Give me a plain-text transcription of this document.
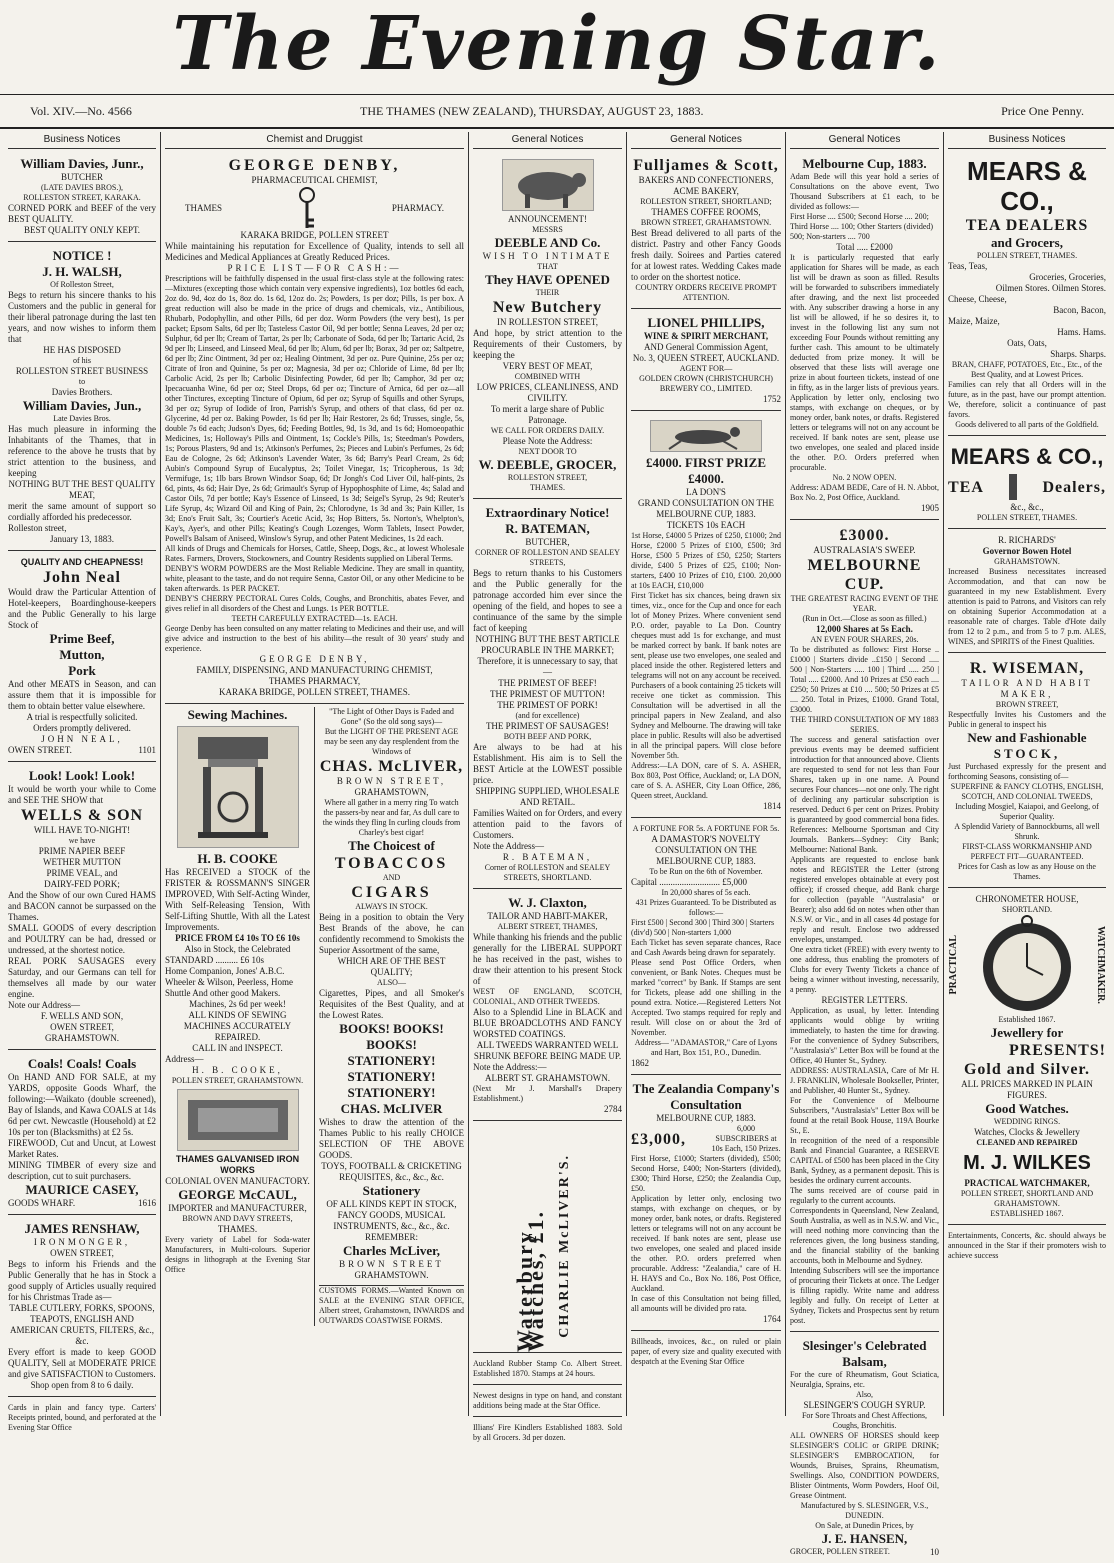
The Evening Star.
Vol. XIV.—No. 4566	THE THAMES (NEW ZEALAND), THURSDAY, AUGUST 23, 1883.	Price One Penny.
Business Notices
William Davies, Junr.,
BUTCHER
(LATE DAVIES BROS.),
ROLLESTON STREET, KARAKA.
CORNED PORK and BEEF of the very BEST QUALITY.
BEST QUALITY ONLY KEPT.
NOTICE !
J. H. WALSH,
Of Rolleston Street,
Begs to return his sincere thanks to his Customers and the public in general for their liberal patronage during the last ten years, and now wishes to inform them that
HE HAS DISPOSED
of his
ROLLESTON STREET BUSINESS
to
Davies Brothers.
William Davies, Jun.,
Late Davies Bros.
Has much pleasure in informing the Inhabitants of the Thames, that in reference to the above he trusts that by strict attention to the business, and keeping
NOTHING BUT THE BEST QUALITY MEAT,
merit the same amount of support so cordially afforded his predecessor.
Rolleston street,
January 13, 1883.
QUALITY AND CHEAPNESS!
John Neal
Would draw the Particular Attention of Hotel-keepers, Boardinghouse-keepers and the Public Generally to his large Stock of
Prime Beef,
Mutton,
Pork
And other MEATS in Season, and can assure them that it is impossible for them to obtain better value elsewhere.
A trial is respectfully solicited.
Orders promptly delivered.
JOHN NEAL,
OWEN STREET.	1101
Look! Look! Look!
It would be worth your while to Come and SEE THE SHOW that
WELLS & SON
WILL HAVE TO-NIGHT!
we have
PRIME NAPIER BEEF
WETHER MUTTON
PRIME VEAL, and
DAIRY-FED PORK;
And the Show of our own Cured HAMS and BACON cannot be surpassed on the Thames.
SMALL GOODS of every description and POULTRY can be had, dressed or undressed, at the shortest notice.
REAL PORK SAUSAGES every Saturday, and our Germans can tell for themselves all made by our water engine.
Note our Address—
F. WELLS AND SON,
OWEN STREET,
GRAHAMSTOWN.
Coals! Coals! Coals
On HAND AND FOR SALE, at my YARDS, opposite Goods Wharf, the following:—Waikato (double screened), Bay of Islands, and Kawa COALS at 14s 6d per cwt. Newcastle (Household) at £2 10s per ton (Blacksmiths) at £2 5s.
FIREWOOD, Cut and Uncut, at Lowest Market Rates.
MINING TIMBER of every size and description, cut to suit purchasers.
MAURICE CASEY,
GOODS WHARF.	1616
JAMES RENSHAW,
IRONMONGER,
OWEN STREET,
Begs to inform his Friends and the Public Generally that he has in Stock a good supply of Articles usually required for his Christmas Trade as—
TABLE CUTLERY, FORKS, SPOONS, TEAPOTS, ENGLISH AND AMERICAN CRUETS, FILTERS, &c., &c.
Every effort is made to keep GOOD QUALITY, Sell at MODERATE PRICE and give SATISFACTION to Customers.
Shop open from 8 to 6 daily.
Cards in plain and fancy type. Carters' Receipts printed, bound, and perforated at the Evening Star Office
Chemist and Druggist
GEORGE DENBY,
PHARMACEUTICAL CHEMIST,
THAMES	PHARMACY.
KARAKA BRIDGE, POLLEN STREET
While maintaining his reputation for Excellence of Quality, intends to sell all Medicines and Medical Appliances at Greatly Reduced Prices.
PRICE LIST—FOR CASH:—
Prescriptions will be faithfully dispensed in the usual first-class style at the following rates:—Mixtures (excepting those which contain very expensive ingredients), 1oz bottles 6d each, 2oz do. 9d, 4oz do 1s, 8oz do. 1s 6d, 12oz do. 2s; Powders, 1s per doz; Pills, 1s per box. A great reduction will also be made in the price of drugs and chemicals, viz., Antibilious, Rhubarb, Podophyllin, and other Pills, 6d per doz. Worm Powders (the very best), 1s per packet; Epsom Salts, 6d per lb; Tasteless Castor Oil, 9d per bottle; Senna Leaves, 2d per oz; Sulphur, 6d per lb; Cream of Tartar, 2s per lb; Carbonate of Soda, 6d per lb; Tartaric Acid, 2s 9d per lb; Linseed, and Linseed Meal, 6d per lb; Alum, 6d per lb; Borax, 3d per oz; Saltpetre, 6d per lb; Zinc Ointment, 3d per oz; Healing Ointment, 3d per oz. Pure Quinine, 25s per oz; Citrate of Iron and Quinine, 5s per oz; Magnesia, 3d per oz; Chloride of Lime, 8d per lb; Carbolic Acid, 2s per lb; Carbolic Disinfecting Powder, 6d per lb; Camphor, 3d per oz; Ipecacuanha Wine, 6d per oz; Steel Drops, 6d per oz; Tincture of Arnica, 6d per oz—all other Tinctures, excepting Tincture of Opium, 6d per oz; Syrup of Squills and other Syrups, 3d per oz; Syrup of Iodide of Iron, Parrish's Syrup, and others of that class, 6d per oz. Glycerine, 4d per oz. Baking Powder, 1s 6d per lb; Hair Restorer, 2s 6d; Trusses, single, 5s, double 7s 6d each; Judson's Dyes, 6d; Feeding Bottles, 9d, 1s 3d, and 1s 6d; Homoeopathic Medicines, 1s; Holloway's Pills and Ointment, 1s; Cockle's Pills, 1s; Steedman's Powders, 1s; Porous Plasters, 9d and 1s; Atkinson's Perfumes, 2s; Pieces and Lubin's Perfumes, 2s 6d; Eau de Cologne, 2s 6d; Atkinson's Lavender Water, 3s 6d; Barry's Pearl Cream, 2s 6d; Aubin's Compound Syrup of Eucalyptus, 2s; Toilet Vinegar, 1s; Tricopherous, 1s 3d; Vermifuge, 1s; 1lb bars Brown Windsor Soap, 6d; Dr Jongh's Cod Liver Oil, half-pints, 2s 6d, pints, 4s 6d; Hair Dye, 2s 6d; Grimault's Syrup of Hypophosphite of Lime, 4s; Salad and Castor Oils, 7d per bottle; Kay's Essence of Linseed, 1s 3d; Seigel's Syrup, 2s 9d; Reuter's Life Syrup, 4s; Wizard Oil and King of Pain, 2s; Chlorodyne, 1s 3d and 3s; Pain Killer, 1s 3d; Eno's Fruit Salt, 3s; Courtier's Acetic Acid, 3s; Hop Bitters, 5s. Norton's, Whelpton's, Kay's, Ayer's, and other Pills; Keating's Cough Lozenges, Worm Tablets, Insect Powder, Powell's Balsam of Aniseed, Winslow's Syrup, and other Patent Medicines, 1s 2d each.
All kinds of Drugs and Chemicals for Horses, Cattle, Sheep, Dogs, &c., at lowest Wholesale Rates. Farmers, Drovers, Stockowners, and Country Residents supplied on Liberal Terms.
DENBY'S WORM POWDERS are the Most Reliable Medicine. They are small in quantity, white, pleasant to the taste, and do not require Senna, Castor Oil, or any other Medicine to be taken afterwards. 1s PER PACKET.
DENBY'S CHERRY PECTORAL Cures Colds, Coughs, and Bronchitis, abates Fever, and gives relief in all disorders of the Chest and Lungs. 1s PER BOTTLE.
TEETH CAREFULLY EXTRACTED—1s. EACH.
George Denby has been consulted on any matter relating to Medicines and their use, and will give advice and instruction to the best of his ability—the result of 30 years' study and experience.
GEORGE DENBY,
FAMILY, DISPENSING, AND MANUFACTURING CHEMIST,
THAMES PHARMACY,
KARAKA BRIDGE, POLLEN STREET, THAMES.
Sewing Machines.
H. B. COOKE
Has RECEIVED a STOCK of the FRISTER & ROSSMANN'S SINGER IMPROVED, With Self-Acting Winder, With Self-Releasing Tension, With Self-Lifting Shuttle, With all the Latest Improvements.
PRICE FROM £4 10s TO £6 10s
Also in Stock, the Celebrated
STANDARD .......... £6 10s
Home Companion, Jones' A.B.C. Wheeler & Wilson, Peerless, Home Shuttle And other good Makers.
Machines, 2s 6d per week!
ALL KINDS OF SEWING MACHINES ACCURATELY REPAIRED.
CALL IN and INSPECT.
Address—
H. B. COOKE,
POLLEN STREET, GRAHAMSTOWN.
THAMES GALVANISED IRON WORKS
COLONIAL OVEN MANUFACTORY.
GEORGE McCAUL,
IMPORTER and MANUFACTURER,
BROWN AND DAVY STREETS,
THAMES.
Every variety of Label for Soda-water Manufacturers, in Multi-colours. Superior designs in lithograph at the Evening Star Office
"The Light of Other Days is Faded and Gone" (So the old song says)—
But the LIGHT OF THE PRESENT AGE may be seen any day resplendent from the Windows of
CHAS. McLIVER,
BROWN STREET,
GRAHAMSTOWN,
Where all gather in a merry ring To watch the passers-by near and far, As dull care to the winds they fling In curling clouds from Charley's best cigar!
The Choicest of
TOBACCOS
AND
CIGARS
ALWAYS IN STOCK.
Being in a position to obtain the Very Best Brands of the above, he can confidently recommend to Smokists the Superior Assortment of the same,
WHICH ARE OF THE BEST QUALITY;
ALSO—
Cigarettes, Pipes, and all Smoker's Requisites of the Best Quality, and at the Lowest Rates.
BOOKS! BOOKS! BOOKS!
STATIONERY! STATIONERY! STATIONERY!
CHAS. McLIVER
Wishes to draw the attention of the Thames Public to his really CHOICE SELECTION OF THE ABOVE GOODS.
TOYS, FOOTBALL & CRICKETING REQUISITES, &c., &c., &c.
Stationery
OF ALL KINDS KEPT IN STOCK,
FANCY GOODS, MUSICAL INSTRUMENTS, &c., &c., &c.
REMEMBER:
Charles McLiver,
BROWN STREET
GRAHAMSTOWN.
CUSTOMS FORMS.—Wanted Known on SALE at the EVENING STAR OFFICE, Albert street, Grahamstown, INWARDS and OUTWARDS COASTWISE FORMS.
General Notices
ANNOUNCEMENT!
MESSRS
DEEBLE AND Co.
WISH TO INTIMATE
THAT
They HAVE OPENED
THEIR
New Butchery
IN ROLLESTON STREET,
And hope, by strict attention to the Requirements of their Customers, by keeping the
VERY BEST OF MEAT,
COMBINED WITH
LOW PRICES, CLEANLINESS, AND CIVILITY.
To merit a large share of Public Patronage.
WE CALL FOR ORDERS DAILY.
Please Note the Address:
NEXT DOOR TO
W. DEEBLE, GROCER,
ROLLESTON STREET,
THAMES.
Extraordinary Notice!
R. BATEMAN,
BUTCHER,
CORNER OF ROLLESTON AND SEALEY STREETS,
Begs to return thanks to his Customers and the Public generally for the patronage accorded him ever since the opening of the field, and hopes to see a continuance of the same by the simple fact of keeping
NOTHING BUT THE BEST ARTICLE PROCURABLE IN THE MARKET;
Therefore, it is unnecessary to say, that—
THE PRIMEST OF BEEF!
THE PRIMEST OF MUTTON!
THE PRIMEST OF PORK!
(and for excellence)
THE PRIMEST OF SAUSAGES!
BOTH BEEF AND PORK,
Are always to be had at his Establishment. His aim is to Sell the BEST Article at the LOWEST possible price.
SHIPPING SUPPLIED, WHOLESALE AND RETAIL.
Families Waited on for Orders, and every attention paid to the favors of Customers.
Note the Address—
R. BATEMAN,
Corner of ROLLESTON and SEALEY STREETS, SHORTLAND.
W. J. Claxton,
TAILOR AND HABIT-MAKER,
ALBERT STREET, THAMES,
While thanking his friends and the public generally for the LIBERAL SUPPORT he has received in the past, wishes to draw their attention to his present Stock of
WEST OF ENGLAND, SCOTCH, COLONIAL, AND OTHER TWEEDS.
Also to a Splendid Line in BLACK and BLUE BROADCLOTHS AND FANCY WORSTED COATINGS.
ALL TWEEDS WARRANTED WELL SHRUNK BEFORE BEING MADE UP.
Note the Address:—
ALBERT ST. GRAHAMSTOWN.
(Next Mr J. Marshall's Drapery Establishment.)
2784
Waterbury Watches, £1. CHARLIE McLIVER'S.
Auckland Rubber Stamp Co. Albert Street. Established 1870. Stamps at 24 hours.
Newest designs in type on hand, and constant additions being made at the Star Office.
Illians' Fire Kindlers Established 1883. Sold by all Grocers. 3d per dozen.
General Notices
Fulljames & Scott,
BAKERS AND CONFECTIONERS,
ACME BAKERY,
ROLLESTON STREET, SHORTLAND;
THAMES COFFEE ROOMS,
BROWN STREET, GRAHAMSTOWN.
Best Bread delivered to all parts of the district. Pastry and other Fancy Goods fresh daily. Soirees and Parties catered for at lowest rates. Wedding Cakes made to order on the shortest notice.
COUNTRY ORDERS RECEIVE PROMPT ATTENTION.
LIONEL PHILLIPS,
WINE & SPIRIT MERCHANT,
AND General Commission Agent,
No. 3, QUEEN STREET, AUCKLAND.
AGENT FOR—
GOLDEN CROWN (CHRISTCHURCH) BREWERY CO., LIMITED.
1752
£4000. FIRST PRIZE £4000.
LA DON'S
GRAND CONSULTATION ON THE MELBOURNE CUP, 1883.
TICKETS 10s EACH
1st Horse, £4000 5 Prizes of £250, £1000; 2nd Horse, £2000 5 Prizes of £100, £500; 3rd Horse, £500 5 Prizes of £50, £250; Starters divide, £400 5 Prizes of £25, £100; Non-starters, £400 10 Prizes of £10, £100. 20,000 at 10s EACH, £10,000
First Ticket has six chances, being drawn six times, viz., once for the Cup and once for each lot of Money Prizes. Where convenient send P.O. order, payable to La Don. Country cheques must add 1s for exchange, and must be marked correct by bank. If bank notes are sent, please use two envelopes, one sealed and placed inside the other. Registered letters and telegrams will not on any account be received. Purchasers of a book containing 25 tickets will receive one ticket as commission. This Consultation will be advertised in all the principal papers in New Zealand, and also Sydney and Melbourne. The drawing will take place in public. Results will also be advertised in all the principal papers. Will close before November 5th.
Address:—LA DON, care of S. A. ASHER, Box 803, Post Office, Auckland; or, LA DON, care of S. A. ASHER, City Loan Office, 286, Queen street, Auckland.
1814
A FORTUNE FOR 5s. A FORTUNE FOR 5s.
A DAMASTOR'S NOVELTY CONSULTATION ON THE MELBOURNE CUP, 1883.
To be Run on the 6th of November.
Capital ........................... £5,000
In 20,000 shares of 5s each.
431 Prizes Guaranteed. To be Distributed as follows:—
First £500 | Second 300 | Third 300 | Starters (div'd) 500 | Non-starters 1,000
Each Ticket has seven separate chances, Race and Cash Awards being drawn for separately.
Please send Post Office Orders, when convenient, or Bank Notes. Cheques must be marked "correct" by Bank. If Stamps are sent for Tickets, please add one shilling in the pound extra. Notice.—Registered Letters Not Accepted. Two stamps required for reply and result. Will close on or about the 3rd of November.
Address— "ADAMASTOR," Care of Lyons and Hart, Box 151, P.O., Dunedin.
1862
The Zealandia Company's Consultation
MELBOURNE CUP, 1883.
£3,000,
6,000 SUBSCRIBERS at 10s Each, 150 Prizes.
First Horse, £1000; Starters (divided), £500; Second Horse, £400; Non-Starters (divided), £300; Third Horse, £250; the Zealandia Cup, £50.
Application by letter only, enclosing two stamps, with exchange on cheques, or by money order, bank notes, or drafts. Registered letters or telegrams will not on any account be received. If bank notes are sent, please use two envelopes, one sealed and placed inside the other. P.O. orders preferred when procurable. Address: "Zealandia," care of H. H. HAYS and Co., Box No. 186, Post Office, Auckland.
In case of this Consultation not being filled, all amounts will be divided pro rata.
1764
Billheads, invoices, &c., on ruled or plain paper, of every size and quality executed with despatch at the Evening Star Office
General Notices
Melbourne Cup, 1883.
Adam Bede will this year hold a series of Consultations on the above event, Two Thousand Subscribers at £1 each, to be divided as follows:—
First Horse .... £500; Second Horse .... 200; Third Horse .... 100; Other Starters (divided) 500; Non-starters .... 700
Total ..... £2000
It is particularly requested that early application for Shares will be made, as each list will be drawn as soon as filled. Results will be forwarded to subscribers immediately after drawing, and the next list proceeded with. Any subscriber drawing a horse in any list will be allowed, if he so desires it, to invest in the following list any sum not exceeding Four Pounds without remitting any further cash. This amount to be ultimately deducted from prize money. It will be observed that these lists will average one prize in about fourteen tickets, instead of one in fifty, as in the larger lists of previous years. Application by letter only, enclosing two stamps, with exchange on cheques, or by money order, bank notes, or drafts. Registered letters or telegrams will not on any account be received. If bank notes are sent, please use two envelopes, one sealed and placed inside the other. P.O. Orders preferred when procurable.
No. 2 NOW OPEN.
Address: ADAM BEDE, Care of H. N. Abbot, Box No. 2, Post Office, Auckland.
1905
£3000.
AUSTRALASIA'S SWEEP.
MELBOURNE CUP.
THE GREATEST RACING EVENT OF THE YEAR.
(Run in Oct.—Close as soon as filled.)
12,000 Shares at 5s Each.
AN EVEN FOUR SHARES, 20s.
To be distributed as follows: First Horse ..£1000 | Starters divide ..£150 | Second ..... 500 | Non-Starters ..... 100 | Third ..... 250 | Total ..... £2000. And 10 Prizes at £50 each ....£250; 50 Prizes at £10 .... 500; 50 Prizes at £5 .... 250. Total in Prizes, £1000. Grand Total, £3000.
THE THIRD CONSULTATION OF MY 1883 SERIES.
The success and general satisfaction over previous events may be deemed sufficient introduction for that announced above. Clients are requested to send for not less than Four Shares, taken up in one name. A Pound secures Four chances—not one only. The right of declining any particular subscription is reserved. Deduct 6 per cent on Prizes. Probity is guaranteed by good commercial bona fides. References: Melbourne Sportsman and City Journals. Bankers—Sydney: City Bank; Melbourne: National Bank.
Applicants are requested to enclose bank notes and REGISTER the Letter (strong registered envelopes obtainable at every post office); if crossed cheque, add Bank charge for collection (payable "Australasia" or Bearer); also add 6d on notes when other than N.S.W. or Vic., and in all cases 4d postage for reply and result. Enclose two addressed envelopes, unstamped.
One extra ticket (FREE) with every twenty to one address, thus enabling the promoters of Clubs for every Twenty Tickets a chance of being a winner without investing, necessarily, a penny.
REGISTER LETTERS.
Application, as usual, by letter. Intending applicants would oblige by writing immediately, to hasten the time for drawing. For the convenience of Sydney Subscribers, "Australasia's" Letter Box will be found at the Office, 40 Hunter St., Sydney.
ADDRESS: AUSTRALASIA, Care of Mr H. J. FRANKLIN, Wholesale Bookseller, Printer, and Publisher, 40 Hunter St., Sydney.
For the Convenience of Melbourne Subscribers, "Australasia's" Letter Box will be found at the retail Book House, 119A Bourke St., E.
In recognition of the need of a responsible Bank and Financial Guarantee, a RESERVE CAPITAL of £500 has been placed in the City Bank, Sydney, as a permanent deposit. This is besides the ordinary current accounts.
The sums received are of course paid in regularly to the current accounts.
Correspondents in Queensland, New Zealand, South Australia, as well as in N.S.W. and Vic., will need nothing more convincing than the references given, the long business standing, and the financial stability of the banking accounts, both in Melbourne and Sydney.
Intending Subscribers will see the importance of procuring their Tickets at once. The Ledger is filling rapidly. Write name and address legibly and fully. On receipt of Letter at Sydney, Tickets and Prospectus sent by return post.
Slesinger's Celebrated Balsam,
For the cure of Rheumatism, Gout Sciatica, Neuralgia, Sprains, etc.
Also,
SLESINGER'S COUGH SYRUP.
For Sore Throats and Chest Affections, Coughs, Bronchitis.
ALL OWNERS OF HORSES should keep SLESINGER'S COLIC or GRIPE DRINK; SLESINGER'S EMBROCATION, for Wounds, Bruises, Sprains, Rheumatism, Swellings. Also, CONDITION POWDERS, Blister Ointments, Worm Powders, Hoof Oil, Grease Ointment.
Manufactured by S. SLESINGER, V.S., DUNEDIN.
On Sale, at Dunedin Prices, by
J. E. HANSEN,
GROCER, POLLEN STREET.	10
Business Notices
MEARS & CO.,
TEA DEALERS
and Grocers,
POLLEN STREET, THAMES.
Teas, Teas,
Groceries, Groceries,
Oilmen Stores. Oilmen Stores.
Cheese, Cheese,
Bacon, Bacon,
Maize, Maize,
Hams. Hams.
Oats, Oats,
Sharps. Sharps.
BRAN, CHAFF, POTATOES, Etc., Etc., of the Best Quality, and at Lowest Prices.
Families can rely that all Orders will in the future, as in the past, have our prompt attention. We, therefore, solicit a continuance of past favors.
Goods delivered to all parts of the Goldfield.
MEARS & CO.,
TEA	Dealers,
&c., &c.,
POLLEN STREET, THAMES.
R. RICHARDS'
Governor Bowen Hotel
GRAHAMSTOWN.
Increased Business necessitates increased Accommodation, and that can now be guaranteed in my new Establishment. Every attention is paid to Patrons, and Visitors can rely on obtaining Superior Accommodation at a reasonable rate of charges. Table d'Hote daily from 12 to 2 p.m., and from 5 to 7 p.m. ALES, WINES, and SPIRITS of the Finest Qualities.
R. WISEMAN,
TAILOR AND HABIT MAKER,
BROWN STREET,
Respectfully Invites his Customers and the Public in general to inspect his
New and Fashionable
STOCK,
Just Purchased expressly for the present and forthcoming Seasons, consisting of—
SUPERFINE & FANCY CLOTHS, ENGLISH, SCOTCH, AND COLONIAL TWEEDS,
Including Mosgiel, Kaiapoi, and Geelong, of Superior Quality.
A Splendid Variety of Bannockburns, all well Shrunk.
FIRST-CLASS WORKMANSHIP AND PERFECT FIT—GUARANTEED.
Prices for Cash as low as any House on the Thames.
CHRONOMETER HOUSE,
SHORTLAND.
PRACTICAL	WATCHMAKER.
Established 1867.
Jewellery for
PRESENTS!
Gold and Silver.
ALL PRICES MARKED IN PLAIN FIGURES.
Good Watches.
WEDDING RINGS.
Watches, Clocks & Jewellery
CLEANED AND REPAIRED
M. J. WILKES
PRACTICAL WATCHMAKER,
POLLEN STREET, SHORTLAND AND GRAHAMSTOWN.
ESTABLISHED 1867.
Entertainments, Concerts, &c. should always be announced in the Star if their promoters wish to achieve success
